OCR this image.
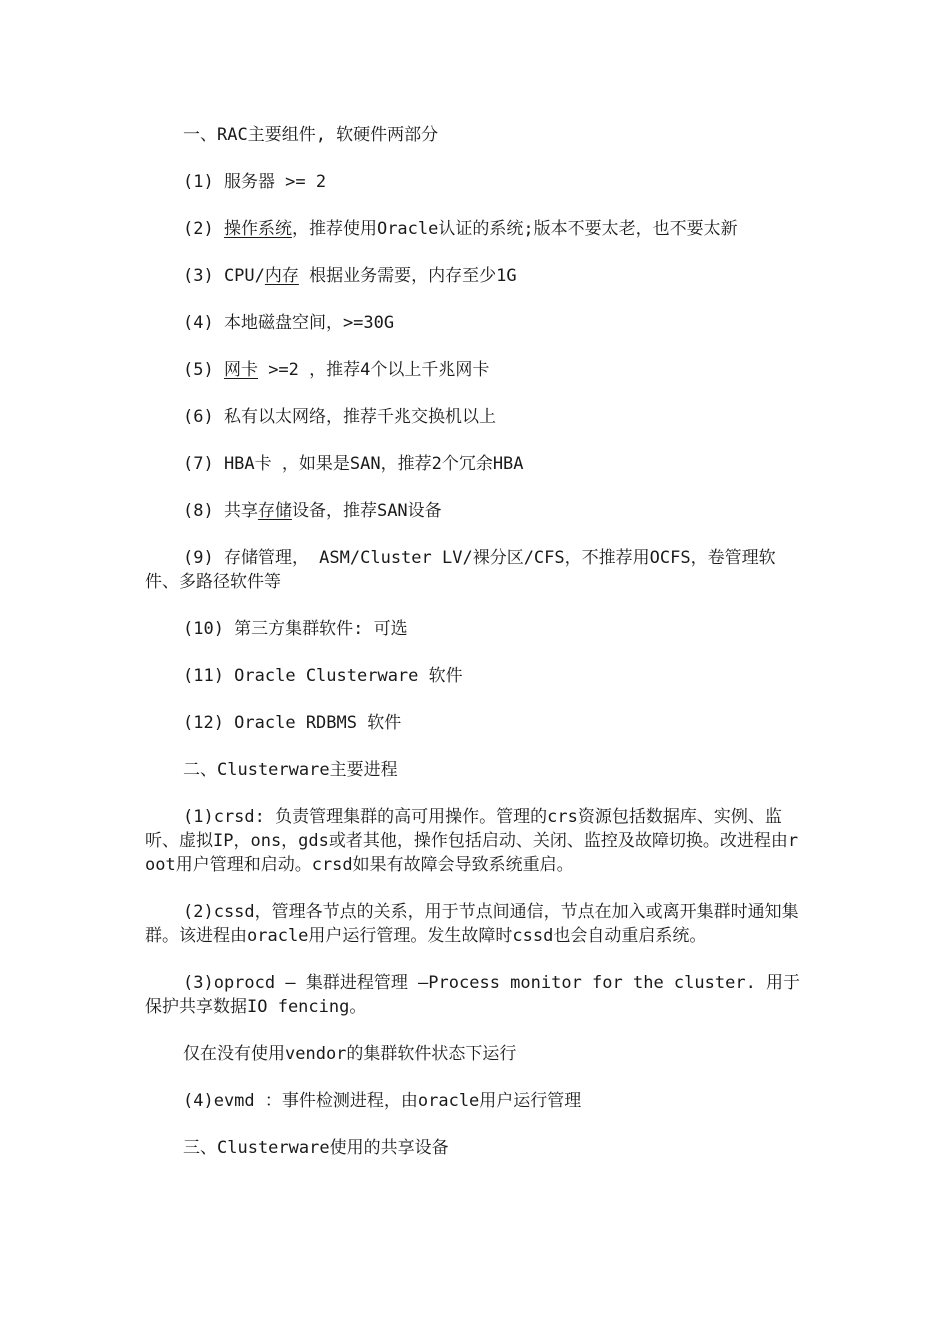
一、RAC主要组件, 软硬件两部分

(1) 服务器 >= 2

(2) 操作系统，推荐使用Oracle认证的系统;版本不要太老，也不要太新

(3) CPU/内存 根据业务需要，内存至少1G

(4) 本地磁盘空间，>=30G

(5) 网卡 >=2 ，推荐4个以上千兆网卡

(6) 私有以太网络，推荐千兆交换机以上

(7) HBA卡 ，如果是SAN，推荐2个冗余HBA

(8) 共享存储设备，推荐SAN设备

(9) 存储管理， ASM/Cluster LV/裸分区/CFS，不推荐用OCFS，卷管理软件、多路径软件等

(10) 第三方集群软件: 可选

(11) Oracle Clusterware 软件

(12) Oracle RDBMS 软件

二、Clusterware主要进程

(1)crsd: 负责管理集群的高可用操作。管理的crs资源包括数据库、实例、监听、虚拟IP，ons，gds或者其他，操作包括启动、关闭、监控及故障切换。改进程由root用户管理和启动。crsd如果有故障会导致系统重启。

(2)cssd，管理各节点的关系，用于节点间通信，节点在加入或离开集群时通知集群。该进程由oracle用户运行管理。发生故障时cssd也会自动重启系统。

(3)oprocd – 集群进程管理 —Process monitor for the cluster. 用于保护共享数据IO fencing。

仅在没有使用vendor的集群软件状态下运行

(4)evmd ：事件检测进程，由oracle用户运行管理

三、Clusterware使用的共享设备
